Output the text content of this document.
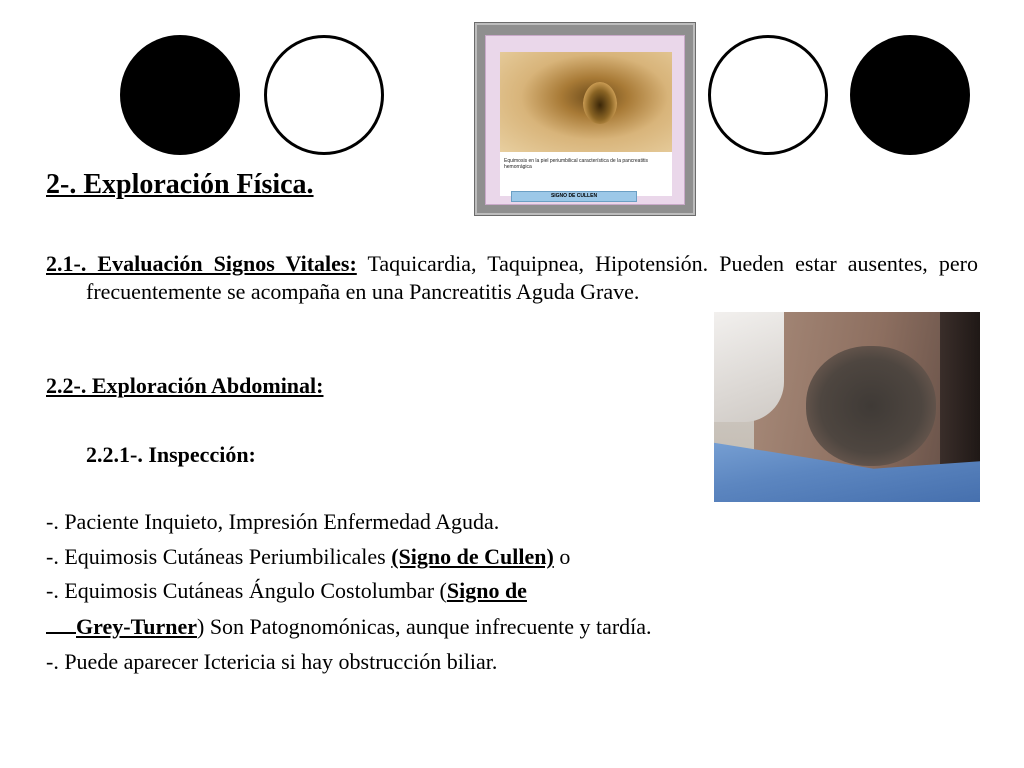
Equimosis en la piel periumbilical característica de la pancreatitis hemorrágica
SIGNO DE CULLEN
2-. Exploración Física.

2.1-. Evaluación Signos Vitales: Taquicardia, Taquipnea, Hipotensión. Pueden estar ausentes, pero frecuentemente se acompaña en una Pancreatitis Aguda Grave.

2.2-. Exploración Abdominal:
2.2.1-. Inspección:
-. Paciente Inquieto, Impresión Enfermedad Aguda.
-. Equimosis Cutáneas Periumbilicales (Signo de Cullen) o
-. Equimosis Cutáneas Ángulo Costolumbar (Signo de
Grey-Turner) Son Patognomónicas, aunque infrecuente y tardía.
-. Puede aparecer Ictericia si hay obstrucción biliar.
